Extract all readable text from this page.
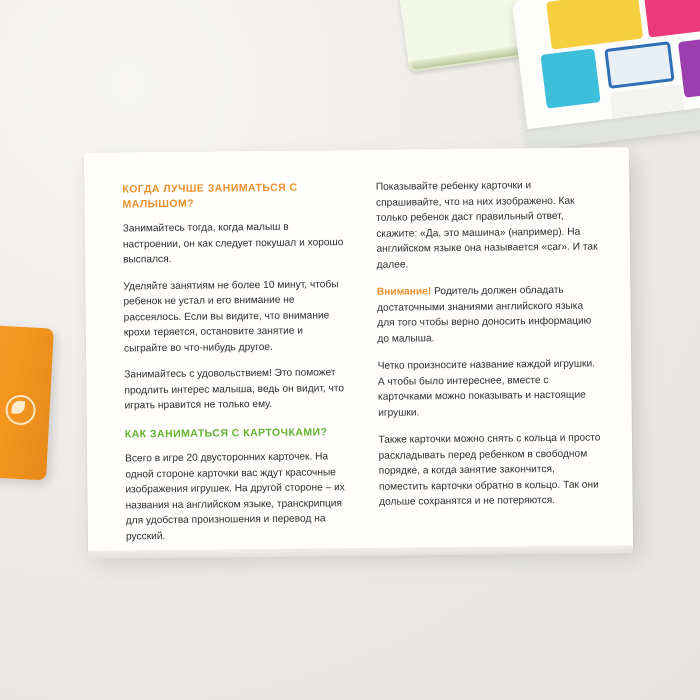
КОГДА ЛУЧШЕ ЗАНИМАТЬСЯ С МАЛЫШОМ?

Занимайтесь тогда, когда малыш в настроении, он как следует покушал и хорошо выспался.

Уделяйте занятиям не более 10 минут, чтобы ребенок не устал и его внимание не рассеялось. Если вы видите, что внимание крохи теряется, остановите занятие и сыграйте во что-нибудь другое.

Занимайтесь с удовольствием! Это поможет продлить интерес малыша, ведь он видит, что играть нравится не только ему.

КАК ЗАНИМАТЬСЯ С КАРТОЧКАМИ?

Всего в игре 20 двусторонних карточек. На одной стороне карточки вас ждут красочные изображения игрушек. На другой стороне – их названия на английском языке, транскрипция для удобства произношения и перевод на русский.

Показывайте ребенку карточки и спрашивайте, что на них изображено. Как только ребенок даст правильный ответ, скажите: «Да, это машина» (например). На английском языке она называется «car». И так далее.

Внимание! Родитель должен обладать достаточными знаниями английского языка для того чтобы верно доносить информацию до малыша.

Четко произносите название каждой игрушки. А чтобы было интереснее, вместе с карточками можно показывать и настоящие игрушки.

Также карточки можно снять с кольца и просто раскладывать перед ребенком в свободном порядке, а когда занятие закончится, поместить карточки обратно в кольцо. Так они дольше сохранятся и не потеряются.
